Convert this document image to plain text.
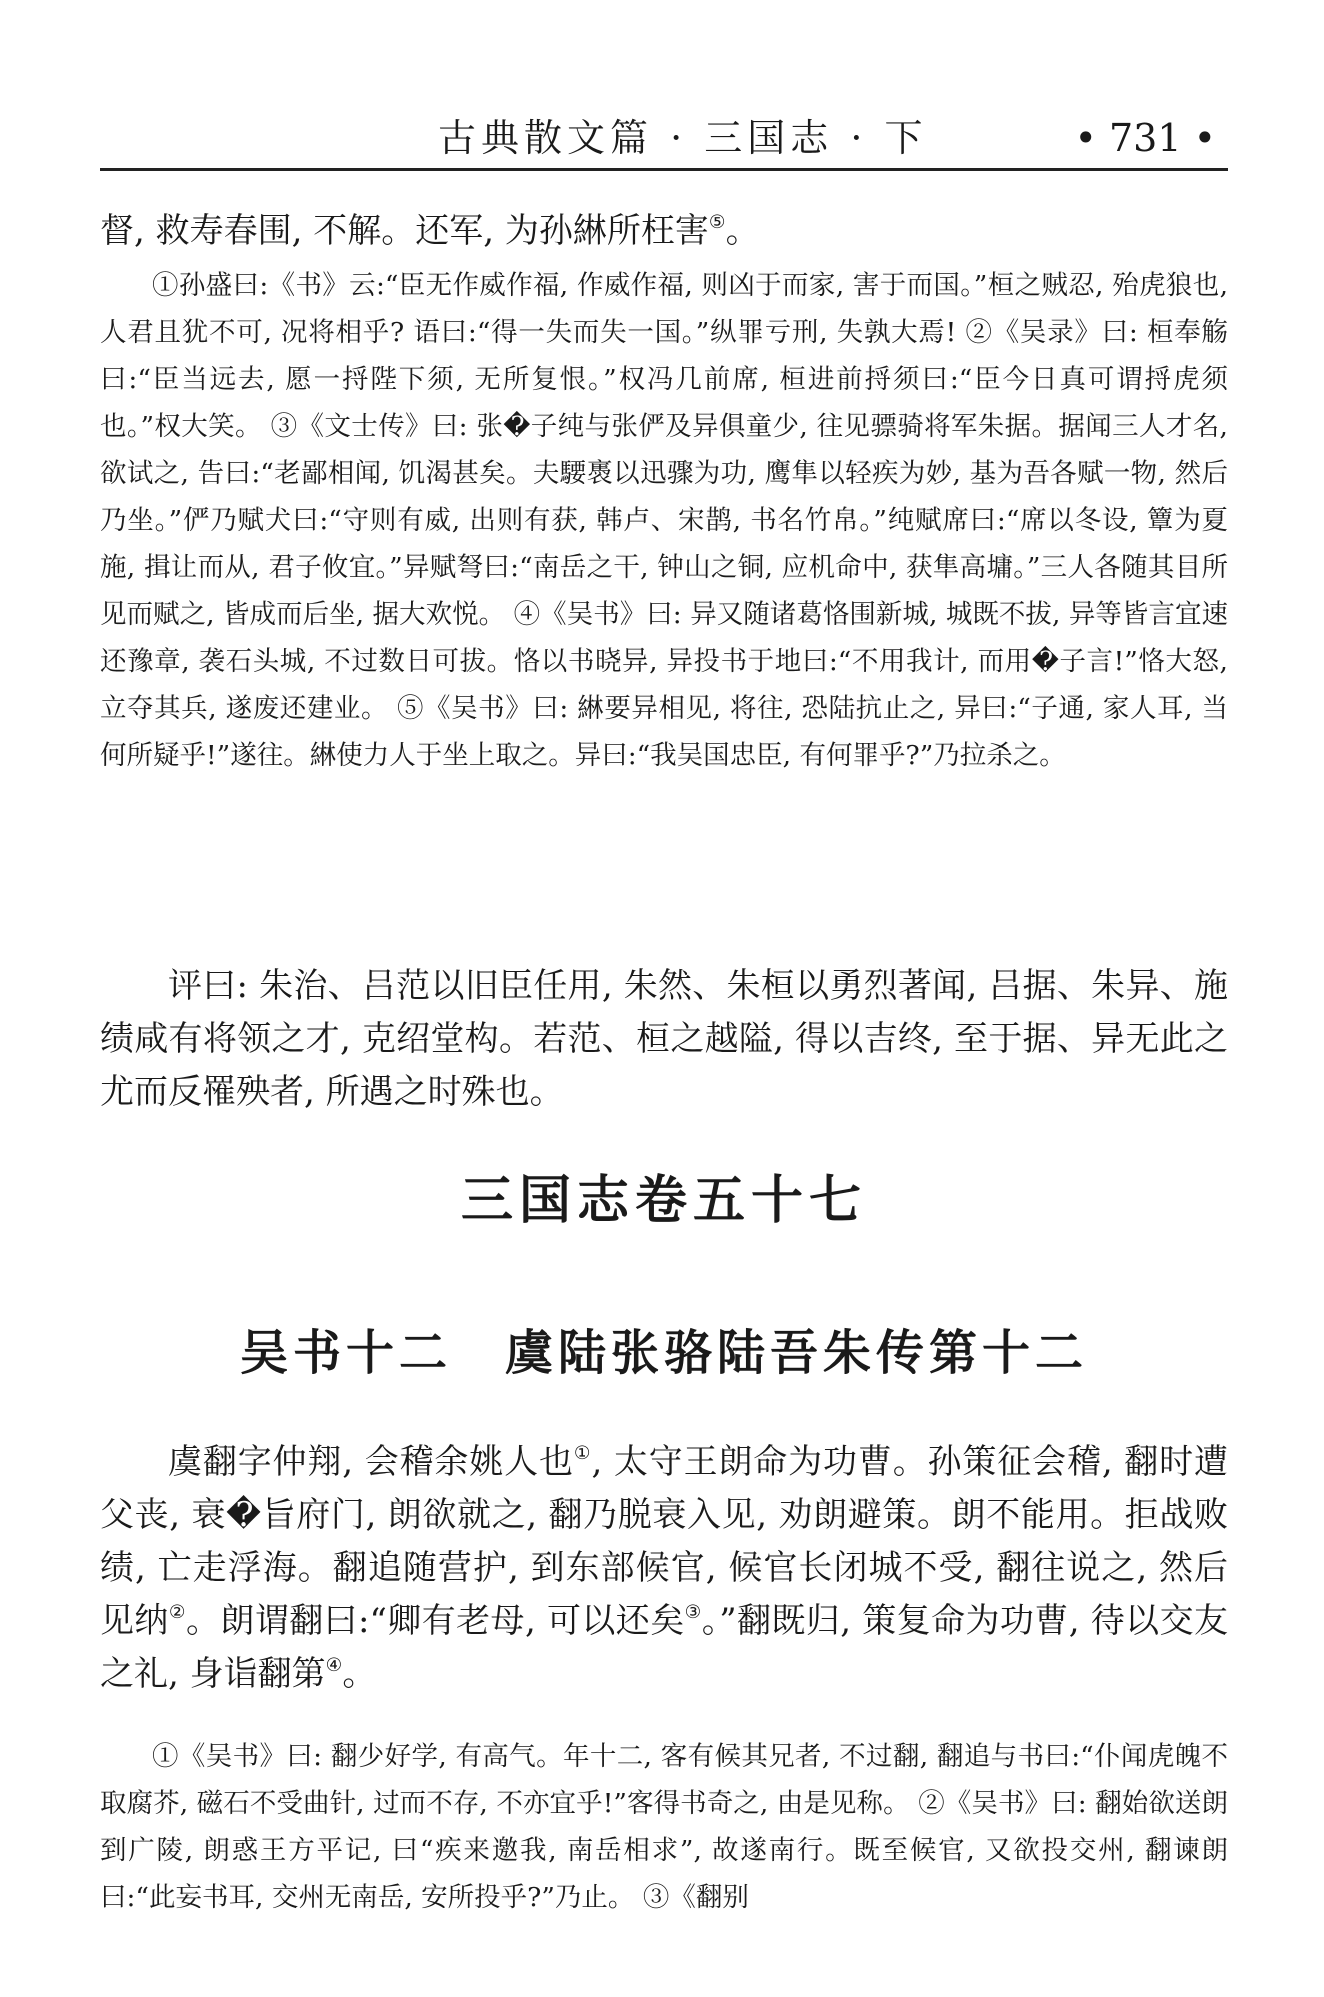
古典散文篇 · 三国志 · 下	• 731 •

督, 救寿春围, 不解。还军, 为孙綝所枉害⑤。

①孙盛曰:《书》云:“臣无作威作福, 作威作福, 则凶于而家, 害于而国。”桓之贼忍, 殆虎狼也, 人君且犹不可, 况将相乎? 语曰:“得一失而失一国。”纵罪亏刑, 失孰大焉! ②《吴录》曰: 桓奉觞曰:“臣当远去, 愿一捋陛下须, 无所复恨。”权冯几前席, 桓进前捋须曰:“臣今日真可谓捋虎须也。”权大笑。 ③《文士传》曰: 张�子纯与张俨及异俱童少, 往见骠骑将军朱据。据闻三人才名, 欲试之, 告曰:“老鄙相闻, 饥渴甚矣。夫騕褭以迅骤为功, 鹰隼以轻疾为妙, 基为吾各赋一物, 然后乃坐。”俨乃赋犬曰:“守则有威, 出则有获, 韩卢、宋鹊, 书名竹帛。”纯赋席曰:“席以冬设, 簟为夏施, 揖让而从, 君子攸宜。”异赋弩曰:“南岳之干, 钟山之铜, 应机命中, 获隼高墉。”三人各随其目所见而赋之, 皆成而后坐, 据大欢悦。 ④《吴书》曰: 异又随诸葛恪围新城, 城既不拔, 异等皆言宜速还豫章, 袭石头城, 不过数日可拔。恪以书晓异, 异投书于地曰:“不用我计, 而用�子言!”恪大怒, 立夺其兵, 遂废还建业。 ⑤《吴书》曰: 綝要异相见, 将往, 恐陆抗止之, 异曰:“子通, 家人耳, 当何所疑乎!”遂往。綝使力人于坐上取之。异曰:“我吴国忠臣, 有何罪乎?”乃拉杀之。

评曰: 朱治、吕范以旧臣任用, 朱然、朱桓以勇烈著闻, 吕据、朱异、施绩咸有将领之才, 克绍堂构。若范、桓之越隘, 得以吉终, 至于据、异无此之尤而反罹殃者, 所遇之时殊也。

三国志卷五十七
吴书十二　虞陆张骆陆吾朱传第十二

虞翻字仲翔, 会稽余姚人也①, 太守王朗命为功曹。孙策征会稽, 翻时遭父丧, 衰�旨府门, 朗欲就之, 翻乃脱衰入见, 劝朗避策。朗不能用。拒战败绩, 亡走浮海。翻追随营护, 到东部候官, 候官长闭城不受, 翻往说之, 然后见纳②。朗谓翻曰:“卿有老母, 可以还矣③。”翻既归, 策复命为功曹, 待以交友之礼, 身诣翻第④。

①《吴书》曰: 翻少好学, 有高气。年十二, 客有候其兄者, 不过翻, 翻追与书曰:“仆闻虎魄不取腐芥, 磁石不受曲针, 过而不存, 不亦宜乎!”客得书奇之, 由是见称。 ②《吴书》曰: 翻始欲送朗到广陵, 朗惑王方平记, 曰“疾来邀我, 南岳相求”, 故遂南行。既至候官, 又欲投交州, 翻谏朗曰:“此妄书耳, 交州无南岳, 安所投乎?”乃止。 ③《翻别
